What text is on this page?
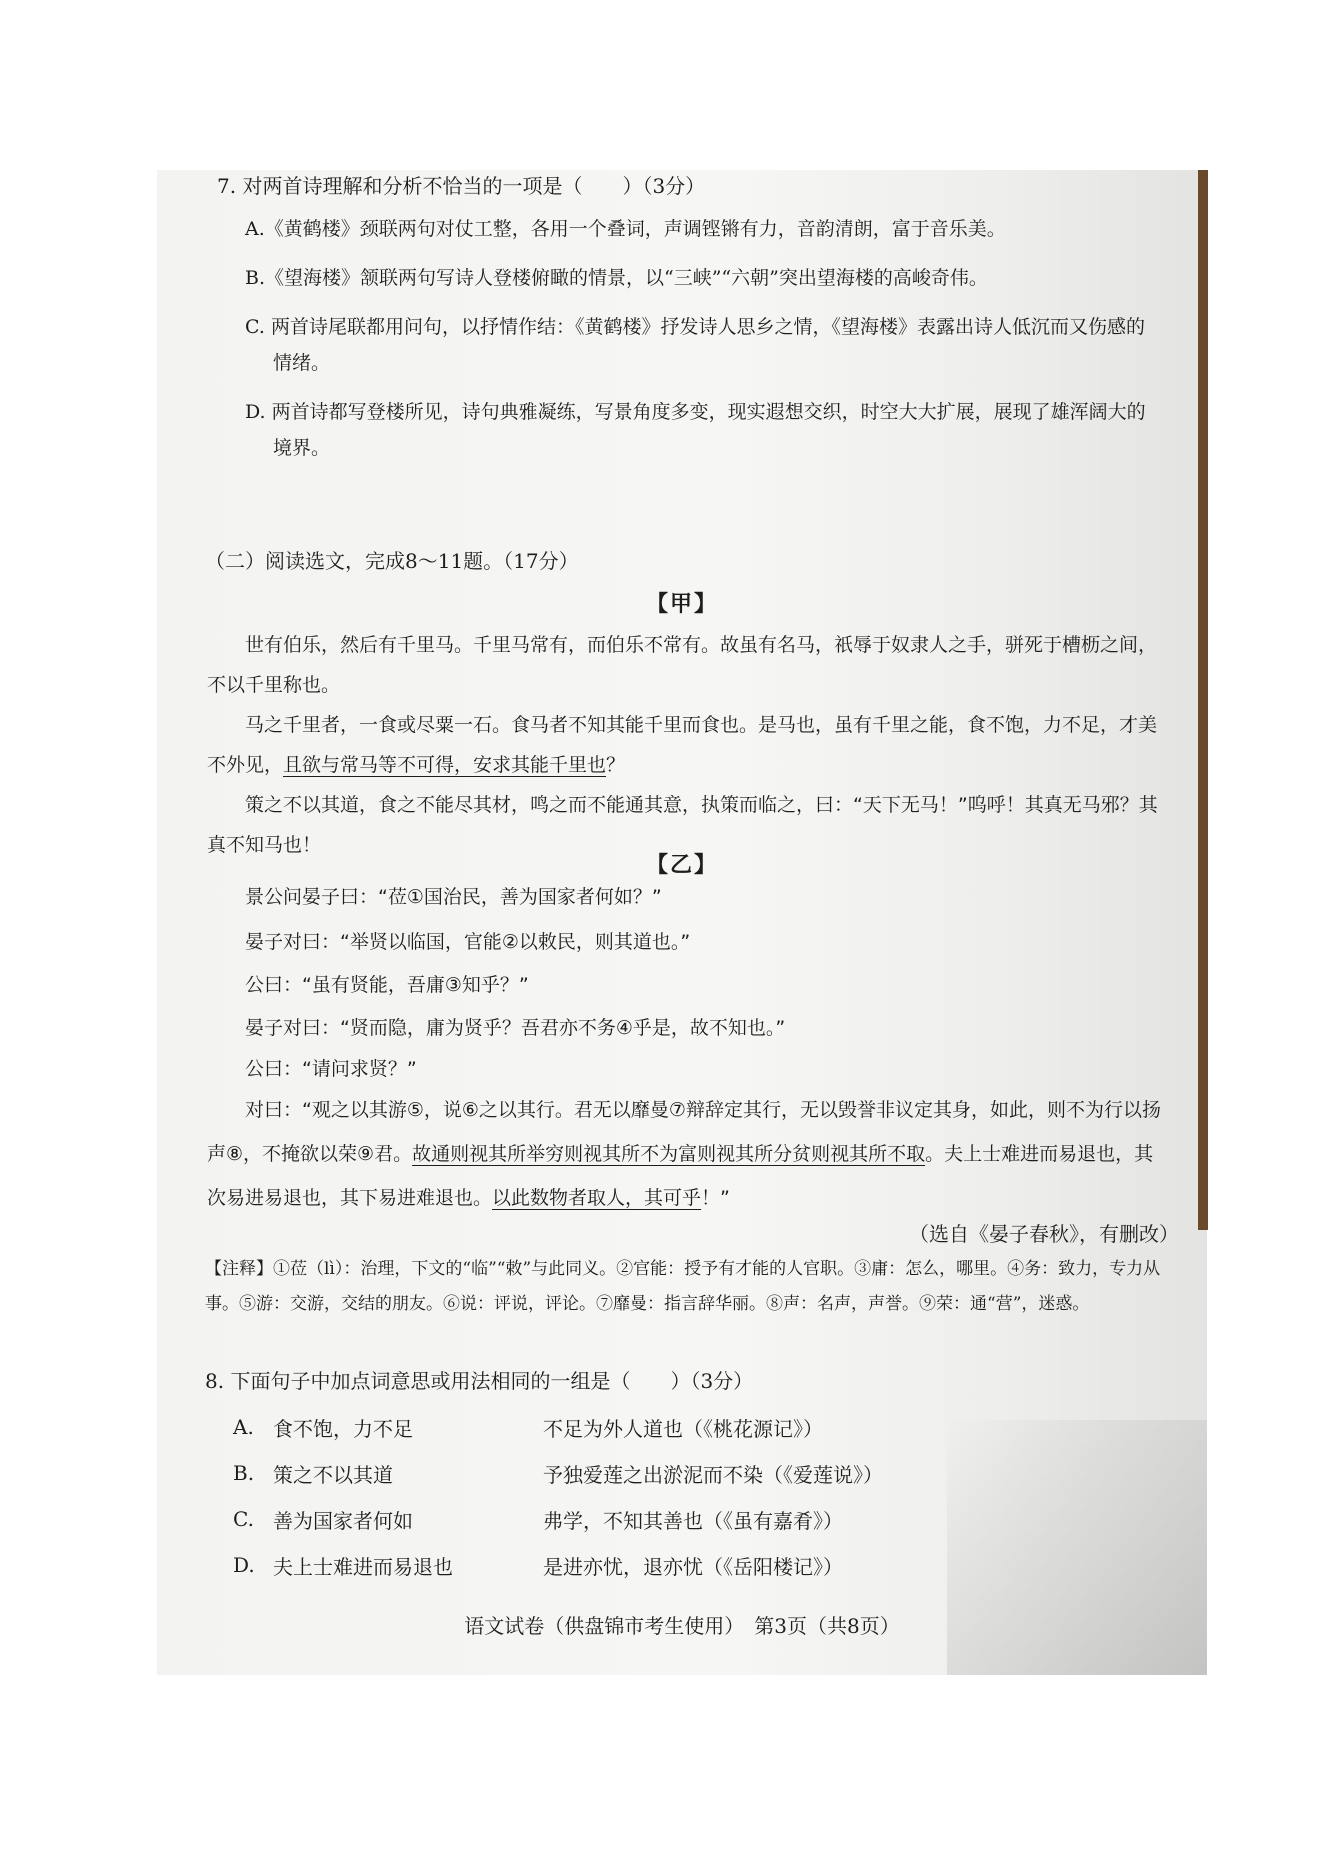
7. 对两首诗理解和分析不恰当的一项是（　　）（3分）

A.《黄鹤楼》颈联两句对仗工整，各用一个叠词，声调铿锵有力，音韵清朗，富于音乐美。

B.《望海楼》颔联两句写诗人登楼俯瞰的情景，以“三峡”“六朝”突出望海楼的高峻奇伟。

C. 两首诗尾联都用问句，以抒情作结：《黄鹤楼》抒发诗人思乡之情，《望海楼》表露出诗人低沉而又伤感的情绪。

D. 两首诗都写登楼所见，诗句典雅凝练，写景角度多变，现实遐想交织，时空大大扩展，展现了雄浑阔大的境界。

（二）阅读选文，完成8～11题。（17分）
【甲】
世有伯乐，然后有千里马。千里马常有，而伯乐不常有。故虽有名马，祇辱于奴隶人之手，骈死于槽枥之间，不以千里称也。
马之千里者，一食或尽粟一石。食马者不知其能千里而食也。是马也，虽有千里之能，食不饱，力不足，才美不外见，且欲与常马等不可得，安求其能千里也？
策之不以其道，食之不能尽其材，鸣之而不能通其意，执策而临之，曰：“天下无马！”呜呼！其真无马邪？其真不知马也！
【乙】
景公问晏子曰：“莅①国治民，善为国家者何如？”
晏子对曰：“举贤以临国，官能②以敕民，则其道也。”
公曰：“虽有贤能，吾庸③知乎？”
晏子对曰：“贤而隐，庸为贤乎？吾君亦不务④乎是，故不知也。”
公曰：“请问求贤？”
对曰：“观之以其游⑤，说⑥之以其行。君无以靡曼⑦辩辞定其行，无以毁誉非议定其身，如此，则不为行以扬声⑧，不掩欲以荣⑨君。故通则视其所举穷则视其所不为富则视其所分贫则视其所不取。夫上士难进而易退也，其次易进易退也，其下易进难退也。以此数物者取人，其可乎！”
（选自《晏子春秋》，有删改）
【注释】①莅（lì）：治理，下文的“临”“敕”与此同义。②官能：授予有才能的人官职。③庸：怎么，哪里。④务：致力，专力从事。⑤游：交游，交结的朋友。⑥说：评说，评论。⑦靡曼：指言辞华丽。⑧声：名声，声誉。⑨荣：通“营”，迷惑。

8. 下面句子中加点词意思或用法相同的一组是（　　）（3分）

A. 食不饱，力不足	不足为外人道也（《桃花源记》）
B. 策之不以其道	予独爱莲之出淤泥而不染（《爱莲说》）
C. 善为国家者何如	弗学，不知其善也（《虽有嘉肴》）
D. 夫上士难进而易退也	是进亦忧，退亦忧（《岳阳楼记》）
语文试卷（供盘锦市考生使用）　第3页（共8页）
